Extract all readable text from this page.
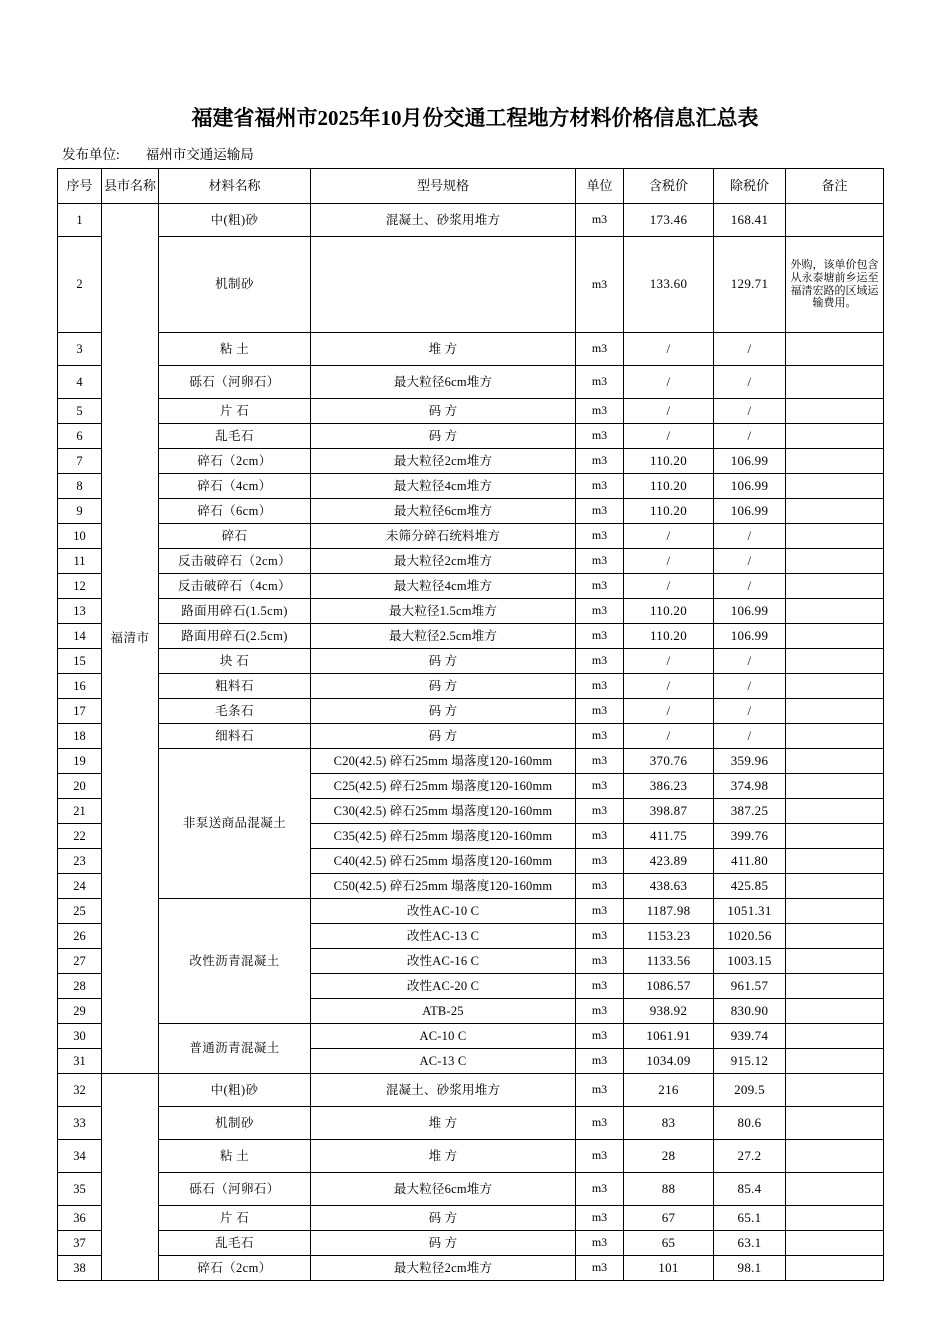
福建省福州市2025年10月份交通工程地方材料价格信息汇总表
发布单位: 福州市交通运输局
序号	县市名称	材料名称	型号规格	单位	含税价	除税价	备注
1	福清市	中(粗)砂	混凝土、砂浆用堆方	m3	173.46	168.41	
2		机制砂		m3	133.60	129.71	外购，该单价包含从永泰塘前乡运至福清宏路的区域运输费用。
3		粘 土	堆 方	m3	/	/	
4		砾石（河卵石）	最大粒径6cm堆方	m3	/	/	
5		片 石	码 方	m3	/	/	
6		乱毛石	码 方	m3	/	/	
7		碎石（2cm）	最大粒径2cm堆方	m3	110.20	106.99	
8		碎石（4cm）	最大粒径4cm堆方	m3	110.20	106.99	
9		碎石（6cm）	最大粒径6cm堆方	m3	110.20	106.99	
10		碎石	未筛分碎石统料堆方	m3	/	/	
11		反击破碎石（2cm）	最大粒径2cm堆方	m3	/	/	
12		反击破碎石（4cm）	最大粒径4cm堆方	m3	/	/	
13		路面用碎石(1.5cm)	最大粒径1.5cm堆方	m3	110.20	106.99	
14		路面用碎石(2.5cm)	最大粒径2.5cm堆方	m3	110.20	106.99	
15		块 石	码 方	m3	/	/	
16		粗料石	码 方	m3	/	/	
17		毛条石	码 方	m3	/	/	
18		细料石	码 方	m3	/	/	
19		非泵送商品混凝土	C20(42.5) 碎石25mm 塌落度120-160mm	m3	370.76	359.96	
20			C25(42.5) 碎石25mm 塌落度120-160mm	m3	386.23	374.98	
21			C30(42.5) 碎石25mm 塌落度120-160mm	m3	398.87	387.25	
22			C35(42.5) 碎石25mm 塌落度120-160mm	m3	411.75	399.76	
23			C40(42.5) 碎石25mm 塌落度120-160mm	m3	423.89	411.80	
24			C50(42.5) 碎石25mm 塌落度120-160mm	m3	438.63	425.85	
25		改性沥青混凝土	改性AC-10 C	m3	1187.98	1051.31	
26			改性AC-13 C	m3	1153.23	1020.56	
27			改性AC-16 C	m3	1133.56	1003.15	
28			改性AC-20 C	m3	1086.57	961.57	
29			ATB-25	m3	938.92	830.90	
30		普通沥青混凝土	AC-10 C	m3	1061.91	939.74	
31			AC-13 C	m3	1034.09	915.12	
32		中(粗)砂	混凝土、砂浆用堆方	m3	216	209.5	
33		机制砂	堆 方	m3	83	80.6	
34		粘 土	堆 方	m3	28	27.2	
35		砾石（河卵石）	最大粒径6cm堆方	m3	88	85.4	
36		片 石	码 方	m3	67	65.1	
37		乱毛石	码 方	m3	65	63.1	
38		碎石（2cm）	最大粒径2cm堆方	m3	101	98.1	
